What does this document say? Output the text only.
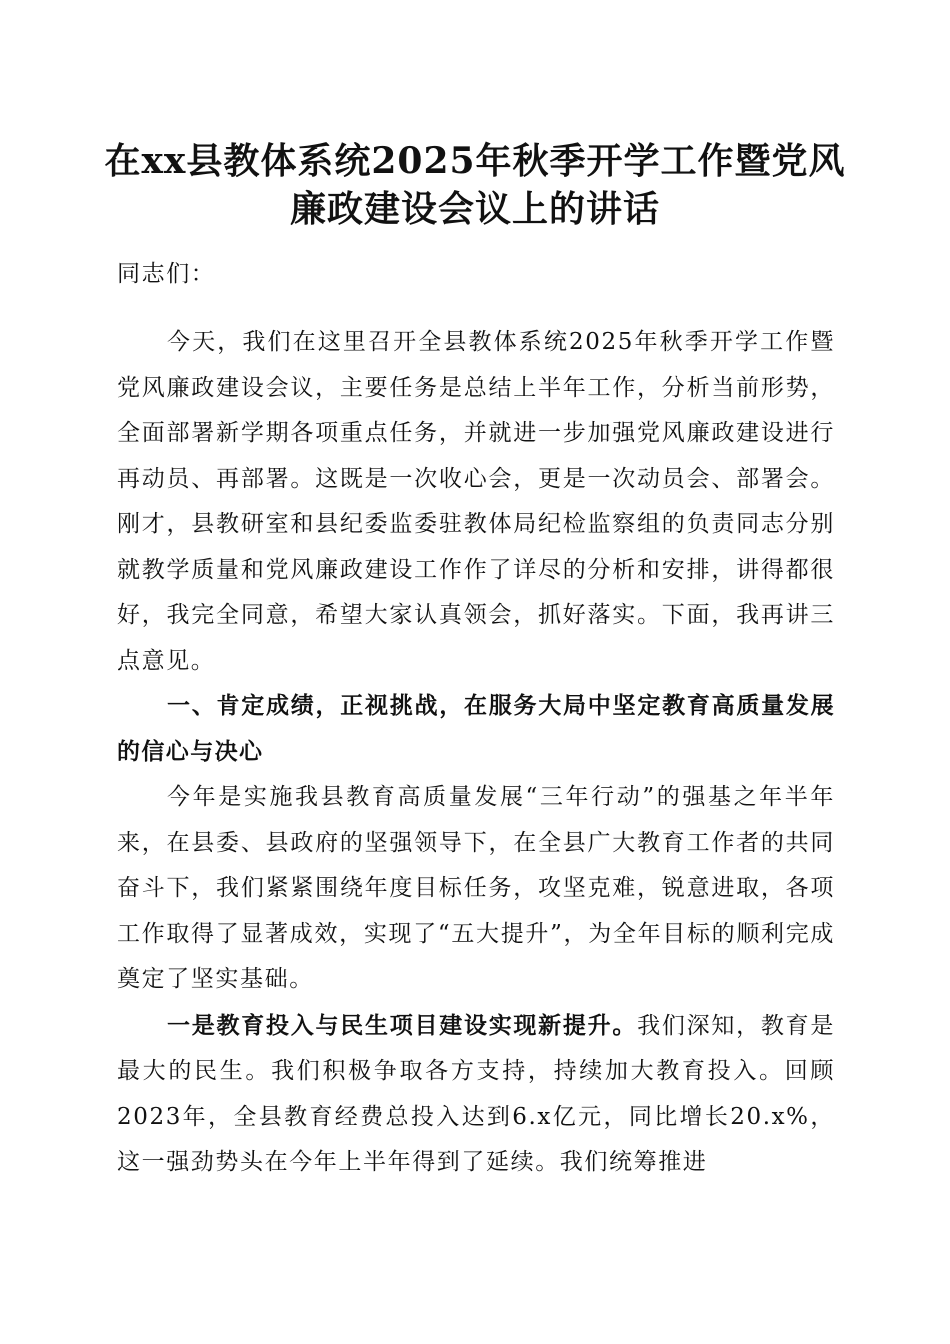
在xx县教体系统2025年秋季开学工作暨党风
廉政建设会议上的讲话
同志们：

今天，我们在这里召开全县教体系统2025年秋季开学工作暨党风廉政建设会议，主要任务是总结上半年工作，分析当前形势，全面部署新学期各项重点任务，并就进一步加强党风廉政建设进行再动员、再部署。这既是一次收心会，更是一次动员会、部署会。刚才，县教研室和县纪委监委驻教体局纪检监察组的负责同志分别就教学质量和党风廉政建设工作作了详尽的分析和安排，讲得都很好，我完全同意，希望大家认真领会，抓好落实。下面，我再讲三点意见。

一、肯定成绩，正视挑战，在服务大局中坚定教育高质量发展的信心与决心

今年是实施我县教育高质量发展“三年行动”的强基之年半年来，在县委、县政府的坚强领导下，在全县广大教育工作者的共同奋斗下，我们紧紧围绕年度目标任务，攻坚克难，锐意进取，各项工作取得了显著成效，实现了“五大提升”，为全年目标的顺利完成奠定了坚实基础。

一是教育投入与民生项目建设实现新提升。我们深知，教育是最大的民生。我们积极争取各方支持，持续加大教育投入。回顾2023年，全县教育经费总投入达到6.x亿元，同比增长20.x%，这一强劲势头在今年上半年得到了延续。我们统筹推进
